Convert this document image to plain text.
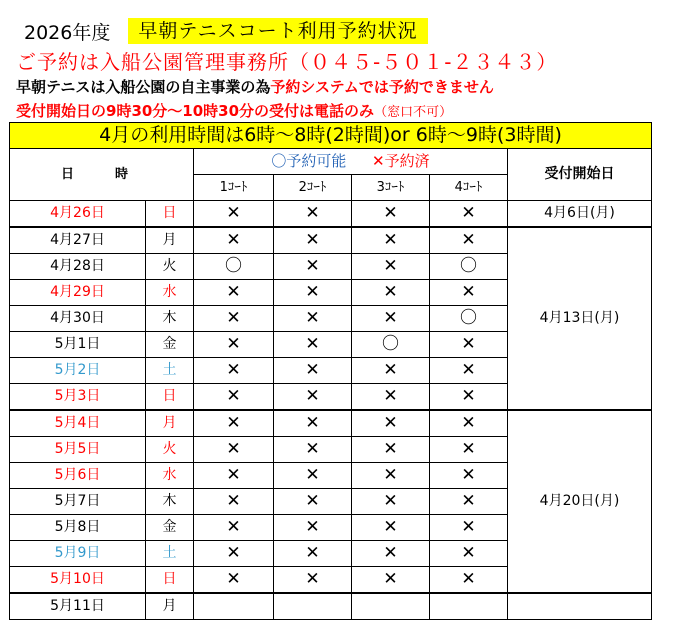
2026年度	早朝テニスコート利用予約状況
ご予約は入船公園管理事務所（０４５-５０１-２３４３）
早朝テニスは入船公園の自主事業の為予約システムでは予約できません
受付開始日の9時30分～10時30分の受付は電話のみ（窓口不可）
4月の利用時間は6時～8時(2時間)or 6時～9時(3時間)						
日　時		〇予約可能 ✕予約済				受付開始日
		1ｺｰﾄ	2ｺｰﾄ	3ｺｰﾄ	4ｺｰﾄ	
4月26日	日	✕	✕	✕	✕	4月6日(月)
4月27日	月	✕	✕	✕	✕	4月13日(月)
4月28日	火	〇	✕	✕	〇	
4月29日	水	✕	✕	✕	✕	
4月30日	木	✕	✕	✕	〇	
5月1日	金	✕	✕	〇	✕	
5月2日	土	✕	✕	✕	✕	
5月3日	日	✕	✕	✕	✕	
5月4日	月	✕	✕	✕	✕	4月20日(月)
5月5日	火	✕	✕	✕	✕	
5月6日	水	✕	✕	✕	✕	
5月7日	木	✕	✕	✕	✕	
5月8日	金	✕	✕	✕	✕	
5月9日	土	✕	✕	✕	✕	
5月10日	日	✕	✕	✕	✕	
5月11日	月					
